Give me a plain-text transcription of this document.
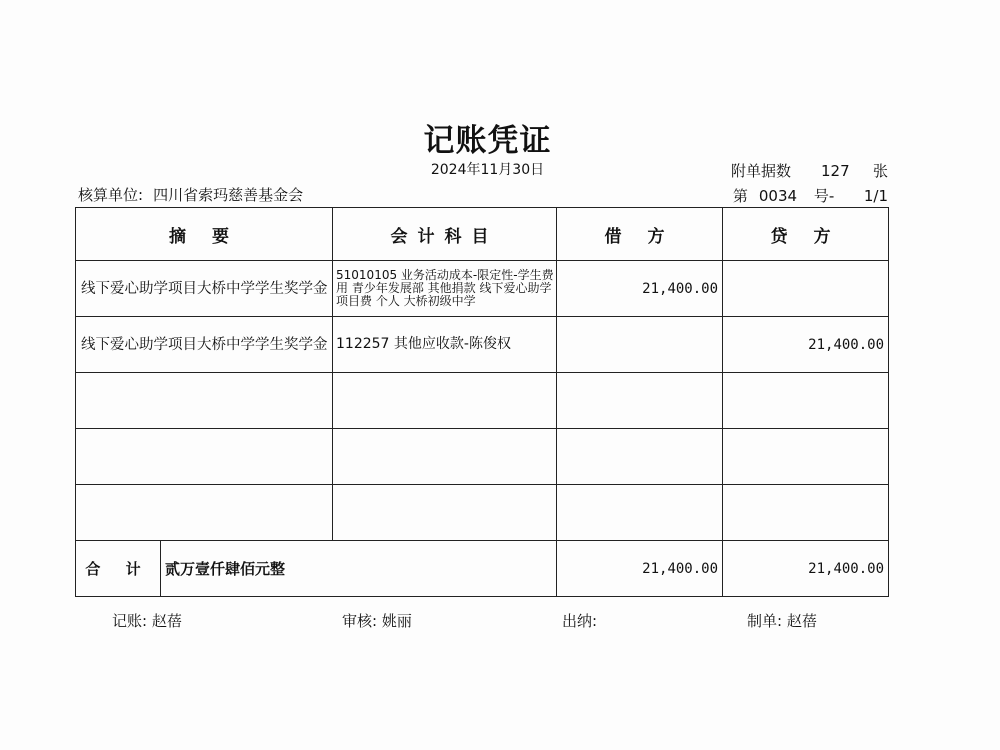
记账凭证
2024年11月30日	附单据数 127 张
核算单位: 四川省索玛慈善基金会	第 0034 号- 1/1
摘 要		会计科目	借 方	贷 方
线下爱心助学项目大桥中学学生奖学金		51010105 业务活动成本-限定性-学生费用 青少年发展部 其他捐款 线下爱心助学 项目费 个人 大桥初级中学	21,400.00	
线下爱心助学项目大桥中学学生奖学金		112257 其他应收款-陈俊权		21,400.00

合 计	贰万壹仟肆佰元整		21,400.00	21,400.00
记账: 赵蓓	审核: 姚丽	出纳:	制单: 赵蓓
